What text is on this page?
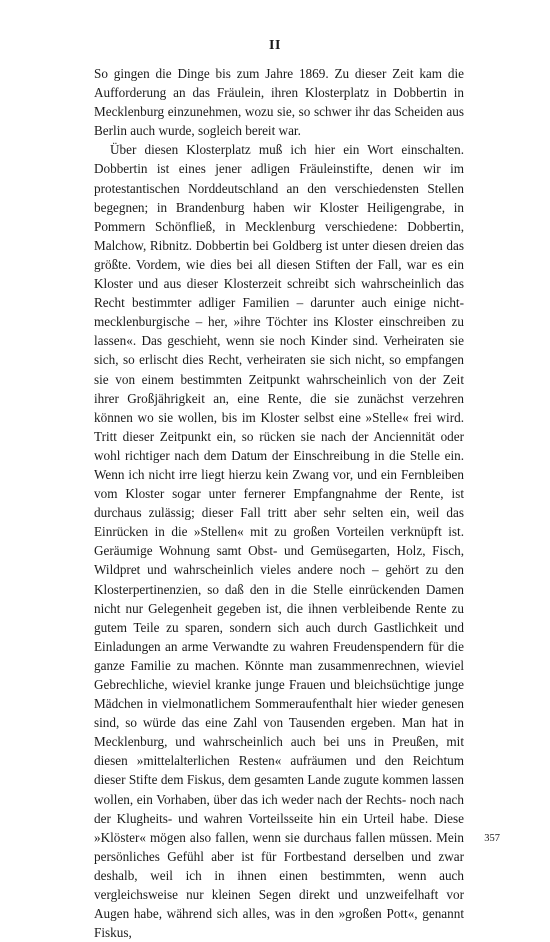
II

So gingen die Dinge bis zum Jahre 1869. Zu dieser Zeit kam die Aufforderung an das Fräulein, ihren Klosterplatz in Dobbertin in Mecklenburg einzunehmen, wozu sie, so schwer ihr das Scheiden aus Berlin auch wurde, sogleich bereit war.

Über diesen Klosterplatz muß ich hier ein Wort einschalten. Dobbertin ist eines jener adligen Fräuleinstifte, denen wir im protestantischen Norddeutschland an den verschiedensten Stellen begegnen; in Brandenburg haben wir Kloster Heiligengrabe, in Pommern Schönfließ, in Mecklenburg verschiedene: Dobbertin, Malchow, Ribnitz. Dobbertin bei Goldberg ist unter diesen dreien das größte. Vordem, wie dies bei all diesen Stiften der Fall, war es ein Kloster und aus dieser Klosterzeit schreibt sich wahrscheinlich das Recht bestimmter adliger Familien – darunter auch einige nicht-mecklenburgische – her, »ihre Töchter ins Kloster einschreiben zu lassen«. Das geschieht, wenn sie noch Kinder sind. Verheiraten sie sich, so erlischt dies Recht, verheiraten sie sich nicht, so empfangen sie von einem bestimmten Zeitpunkt wahrscheinlich von der Zeit ihrer Großjährigkeit an, eine Rente, die sie zunächst verzehren können wo sie wollen, bis im Kloster selbst eine »Stelle« frei wird. Tritt dieser Zeitpunkt ein, so rücken sie nach der Anciennität oder wohl richtiger nach dem Datum der Einschreibung in die Stelle ein. Wenn ich nicht irre liegt hierzu kein Zwang vor, und ein Fernbleiben vom Kloster sogar unter fernerer Empfangnahme der Rente, ist durchaus zulässig; dieser Fall tritt aber sehr selten ein, weil das Einrücken in die »Stellen« mit zu großen Vorteilen verknüpft ist. Geräumige Wohnung samt Obst- und Gemüsegarten, Holz, Fisch, Wildpret und wahrscheinlich vieles andere noch – gehört zu den Klosterpertinenzien, so daß den in die Stelle einrückenden Damen nicht nur Gelegenheit gegeben ist, die ihnen verbleibende Rente zu gutem Teile zu sparen, sondern sich auch durch Gastlichkeit und Einladungen an arme Verwandte zu wahren Freudenspendern für die ganze Familie zu machen. Könnte man zusammenrechnen, wieviel Gebrechliche, wieviel kranke junge Frauen und bleichsüchtige junge Mädchen in vielmonatlichem Sommeraufenthalt hier wieder genesen sind, so würde das eine Zahl von Tausenden ergeben. Man hat in Mecklenburg, und wahrscheinlich auch bei uns in Preußen, mit diesen »mittelalterlichen Resten« aufräumen und den Reichtum dieser Stifte dem Fiskus, dem gesamten Lande zugute kommen lassen wollen, ein Vorhaben, über das ich weder nach der Rechts- noch nach der Klugheits- und wahren Vorteilsseite hin ein Urteil habe. Diese »Klöster« mögen also fallen, wenn sie durchaus fallen müssen. Mein persönliches Gefühl aber ist für Fortbestand derselben und zwar deshalb, weil ich in ihnen einen bestimmten, wenn auch vergleichsweise nur kleinen Segen direkt und unzweifelhaft vor Augen habe, während sich alles, was in den »großen Pott«, genannt Fiskus,

357
